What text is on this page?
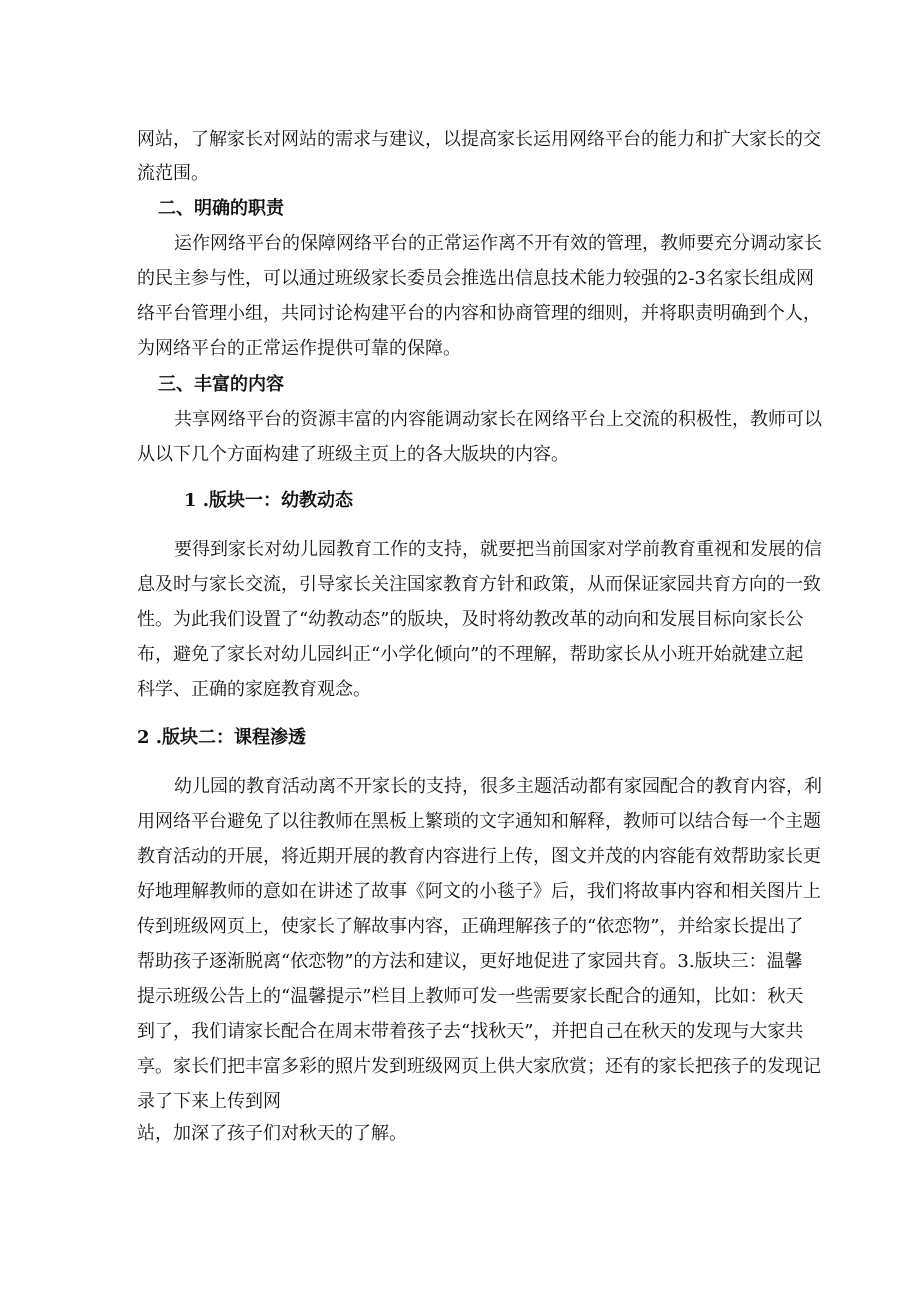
网站，了解家长对网站的需求与建议，以提高家长运用网络平台的能力和扩大家长的交

流范围。

二、明确的职责

运作网络平台的保障网络平台的正常运作离不开有效的管理，教师要充分调动家长

的民主参与性，可以通过班级家长委员会推选出信息技术能力较强的2-3名家长组成网

络平台管理小组，共同讨论构建平台的内容和协商管理的细则，并将职责明确到个人，

为网络平台的正常运作提供可靠的保障。

三、丰富的内容

共享网络平台的资源丰富的内容能调动家长在网络平台上交流的积极性，教师可以

从以下几个方面构建了班级主页上的各大版块的内容。

1 .版块一：幼教动态

要得到家长对幼儿园教育工作的支持，就要把当前国家对学前教育重视和发展的信

息及时与家长交流，引导家长关注国家教育方针和政策，从而保证家园共育方向的一致

性。为此我们设置了“幼教动态”的版块，及时将幼教改革的动向和发展目标向家长公

布，避免了家长对幼儿园纠正“小学化倾向”的不理解，帮助家长从小班开始就建立起

科学、正确的家庭教育观念。

2 .版块二：课程渗透

幼儿园的教育活动离不开家长的支持，很多主题活动都有家园配合的教育内容，利

用网络平台避免了以往教师在黑板上繁琐的文字通知和解释，教师可以结合每一个主题

教育活动的开展，将近期开展的教育内容进行上传，图文并茂的内容能有效帮助家长更

好地理解教师的意如在讲述了故事《阿文的小毯子》后，我们将故事内容和相关图片上

传到班级网页上，使家长了解故事内容，正确理解孩子的“依恋物”，并给家长提出了

帮助孩子逐渐脱离“依恋物”的方法和建议，更好地促进了家园共育。3.版块三：温馨

提示班级公告上的“温馨提示”栏目上教师可发一些需要家长配合的通知，比如：秋天

到了，我们请家长配合在周末带着孩子去“找秋天”，并把自己在秋天的发现与大家共

享。家长们把丰富多彩的照片发到班级网页上供大家欣赏；还有的家长把孩子的发现记

录了下来上传到网

站，加深了孩子们对秋天的了解。
